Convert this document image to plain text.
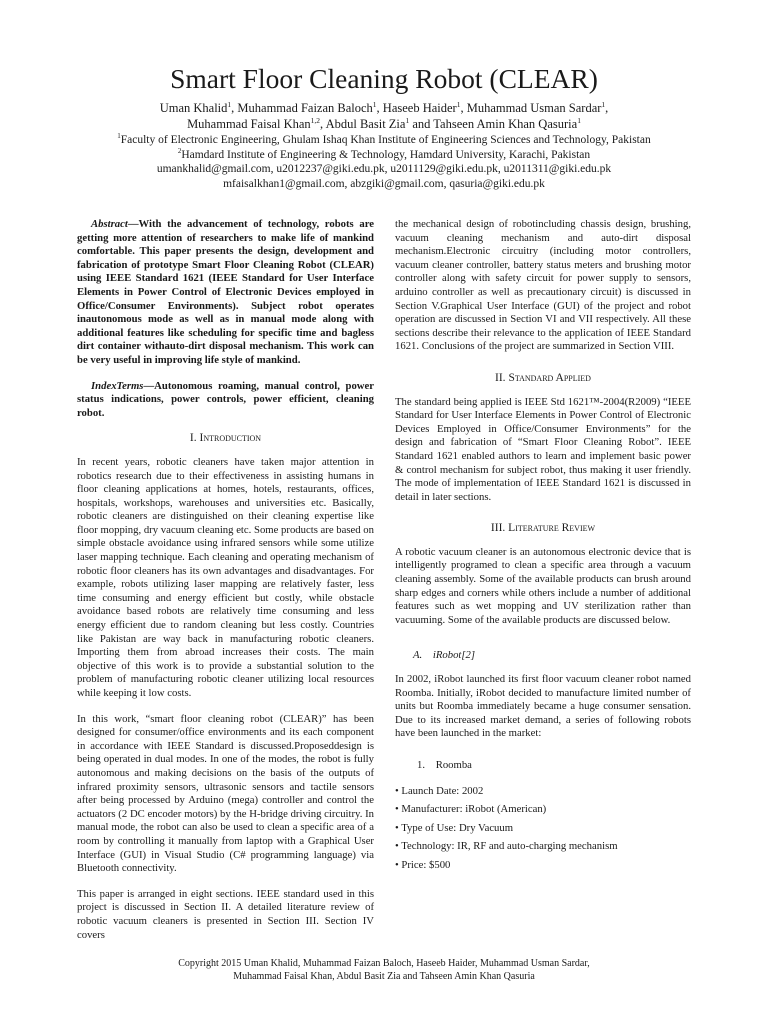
Smart Floor Cleaning Robot (CLEAR)
Uman Khalid$^1$, Muhammad Faizan Baloch$^1$, Haseeb Haider$^1$, Muhammad Usman Sardar$^1$,
Muhammad Faisal Khan$^{1,2}$, Abdul Basit Zia$^1$ and Tahseen Amin Khan Qasuria$^1$
$^1$Faculty of Electronic Engineering, Ghulam Ishaq Khan Institute of Engineering Sciences and Technology, Pakistan
$^2$Hamdard Institute of Engineering & Technology, Hamdard University, Karachi, Pakistan
umankhalid@gmail.com, u2012237@giki.edu.pk, u2011129@giki.edu.pk, u2011311@giki.edu.pk
mfaisalkhan1@gmail.com, abzgiki@gmail.com, qasuria@giki.edu.pk

Abstract—With the advancement of technology, robots are getting more attention of researchers to make life of mankind comfortable. This paper presents the design, development and fabrication of prototype Smart Floor Cleaning Robot (CLEAR) using IEEE Standard 1621 (IEEE Standard for User Interface Elements in Power Control of Electronic Devices employed in Office/Consumer Environments). Subject robot operates inautonomous mode as well as in manual mode along with additional features like scheduling for specific time and bagless dirt container withauto-dirt disposal mechanism. This work can be very useful in improving life style of mankind.

IndexTerms—Autonomous roaming, manual control, power status indications, power controls, power efficient, cleaning robot.

I. Introduction

In recent years, robotic cleaners have taken major attention in robotics research due to their effectiveness in assisting humans in floor cleaning applications at homes, hotels, restaurants, offices, hospitals, workshops, warehouses and universities etc. Basically, robotic cleaners are distinguished on their cleaning expertise like floor mopping, dry vacuum cleaning etc. Some products are based on simple obstacle avoidance using infrared sensors while some utilize laser mapping technique. Each cleaning and operating mechanism of robotic floor cleaners has its own advantages and disadvantages. For example, robots utilizing laser mapping are relatively faster, less time consuming and energy efficient but costly, while obstacle avoidance based robots are relatively time consuming and less energy efficient due to random cleaning but less costly. Countries like Pakistan are way back in manufacturing robotic cleaners. Importing them from abroad increases their costs. The main objective of this work is to provide a substantial solution to the problem of manufacturing robotic cleaner utilizing local resources while keeping it low costs.

In this work, “smart floor cleaning robot (CLEAR)” has been designed for consumer/office environments and its each component in accordance with IEEE Standard is discussed.Proposeddesign is being operated in dual modes. In one of the modes, the robot is fully autonomous and making decisions on the basis of the outputs of infrared proximity sensors, ultrasonic sensors and tactile sensors after being processed by Arduino (mega) controller and control the actuators (2 DC encoder motors) by the H-bridge driving circuitry. In manual mode, the robot can also be used to clean a specific area of a room by controlling it manually from laptop with a Graphical User Interface (GUI) in Visual Studio (C# programming language) via Bluetooth connectivity.

This paper is arranged in eight sections. IEEE standard used in this project is discussed in Section II. A detailed literature review of robotic vacuum cleaners is presented in Section III. Section IV covers

the mechanical design of robotincluding chassis design, brushing, vacuum cleaning mechanism and auto-dirt disposal mechanism.Electronic circuitry (including motor controllers, vacuum cleaner controller, battery status meters and brushing motor controller along with safety circuit for power supply to sensors, arduino controller as well as precautionary circuit) is discussed in Section V.Graphical User Interface (GUI) of the project and robot operation are discussed in Section VI and VII respectively. All these sections describe their relevance to the application of IEEE Standard 1621. Conclusions of the project are summarized in Section VIII.

II. Standard Applied

The standard being applied is IEEE Std 1621™-2004(R2009) “IEEE Standard for User Interface Elements in Power Control of Electronic Devices Employed in Office/Consumer Environments” for the design and fabrication of “Smart Floor Cleaning Robot”. IEEE Standard 1621 enabled authors to learn and implement basic power & control mechanism for subject robot, thus making it user friendly. The mode of implementation of IEEE Standard 1621 is discussed in detail in later sections.

III. Literature Review

A robotic vacuum cleaner is an autonomous electronic device that is intelligently programed to clean a specific area through a vacuum cleaning assembly. Some of the available products can brush around sharp edges and corners while others include a number of additional features such as wet mopping and UV sterilization rather than vacuuming. Some of the available products are discussed below.

A. iRobot[2]

In 2002, iRobot launched its first floor vacuum cleaner robot named Roomba. Initially, iRobot decided to manufacture limited number of units but Roomba immediately became a huge consumer sensation. Due to its increased market demand, a series of following robots have been launched in the market:

1. Roomba
• Launch Date: 2002
• Manufacturer: iRobot (American)
• Type of Use: Dry Vacuum
• Technology: IR, RF and auto-charging mechanism
• Price: $500
Copyright 2015 Uman Khalid, Muhammad Faizan Baloch, Haseeb Haider, Muhammad Usman Sardar,
Muhammad Faisal Khan, Abdul Basit Zia and Tahseen Amin Khan Qasuria
